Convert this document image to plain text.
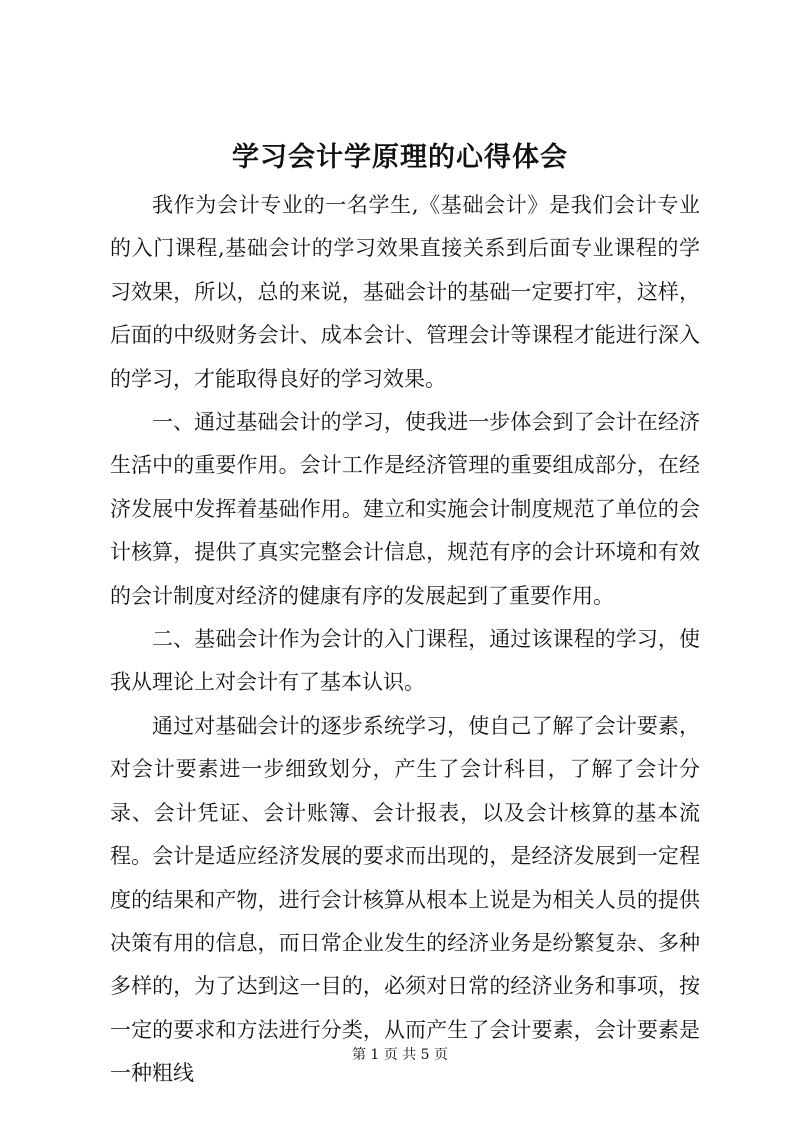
学习会计学原理的心得体会

我作为会计专业的一名学生,《基础会计》是我们会计专业的入门课程,基础会计的学习效果直接关系到后面专业课程的学习效果，所以，总的来说，基础会计的基础一定要打牢，这样，后面的中级财务会计、成本会计、管理会计等课程才能进行深入的学习，才能取得良好的学习效果。

一、通过基础会计的学习，使我进一步体会到了会计在经济生活中的重要作用。会计工作是经济管理的重要组成部分，在经济发展中发挥着基础作用。建立和实施会计制度规范了单位的会计核算，提供了真实完整会计信息，规范有序的会计环境和有效的会计制度对经济的健康有序的发展起到了重要作用。

二、基础会计作为会计的入门课程，通过该课程的学习，使我从理论上对会计有了基本认识。

通过对基础会计的逐步系统学习，使自己了解了会计要素，对会计要素进一步细致划分，产生了会计科目，了解了会计分录、会计凭证、会计账簿、会计报表，以及会计核算的基本流程。会计是适应经济发展的要求而出现的，是经济发展到一定程度的结果和产物，进行会计核算从根本上说是为相关人员的提供决策有用的信息，而日常企业发生的经济业务是纷繁复杂、多种多样的，为了达到这一目的，必须对日常的经济业务和事项，按一定的要求和方法进行分类，从而产生了会计要素，会计要素是一种粗线

第 1 页 共 5 页
